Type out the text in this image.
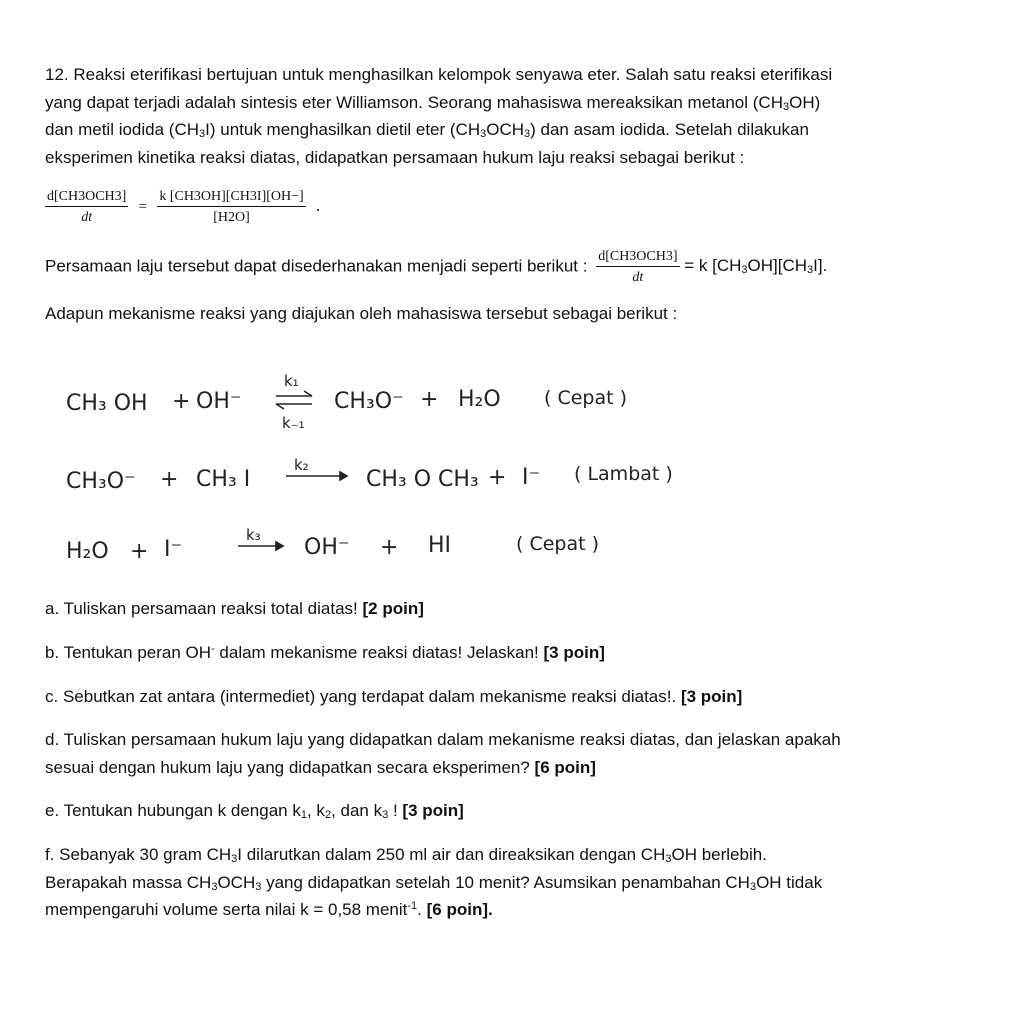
12. Reaksi eterifikasi bertujuan untuk menghasilkan kelompok senyawa eter. Salah satu reaksi eterifikasi
yang dapat terjadi adalah sintesis eter Williamson. Seorang mahasiswa mereaksikan metanol $(CH_3OH)$
dan metil iodida $(CH_3I)$ untuk menghasilkan dietil eter $(CH_3OCH_3)$ dan asam iodida. Setelah dilakukan
eksperimen kinetika reaksi diatas, didapatkan persamaan hukum laju reaksi sebagai berikut :
$\frac{\text{d[CH3OCH3]}}{dt} = \frac{k [CH3OH][CH3I][OH-]}{[H2O]}$ .
Persamaan laju tersebut dapat disederhanakan menjadi seperti berikut : $\frac{\text{d[CH3OCH3]}}{dt} = k$ $[CH_3OH][CH_3I]$.
Adapun mekanisme reaksi yang diajukan oleh mahasiswa tersebut sebagai berikut :
CH₃ OH + OH⁻
k₁
k₋₁
CH₃O⁻ + H₂O ( Cepat )
CH₃O⁻ + CH₃ I
k₂
CH₃ O CH₃ + I⁻ ( Lambat )
H₂O + I⁻
k₃ OH⁻ + HI	( Cepat )
a. Tuliskan persamaan reaksi total diatas! [2 poin]
b. Tentukan peran OH- dalam mekanisme reaksi diatas! Jelaskan! [3 poin]
c. Sebutkan zat antara (intermediet) yang terdapat dalam mekanisme reaksi diatas!. [3 poin]
d. Tuliskan persamaan hukum laju yang didapatkan dalam mekanisme reaksi diatas, dan jelaskan apakah
sesuai dengan hukum laju yang didapatkan secara eksperimen? [6 poin]
e. Tentukan hubungan k dengan $k_1$, $k_2$, dan $k_3$ ! [3 poin]
f. Sebanyak 30 gram $CH_3I$ dilarutkan dalam 250 ml air dan direaksikan dengan $CH_3OH$ berlebih.
Berapakah massa $CH_3OCH_3$ yang didapatkan setelah 10 menit? Asumsikan penambahan $CH_3OH$ tidak
mempengaruhi volume serta nilai k = 0,58 menit$^{-1}$. [6 poin].
